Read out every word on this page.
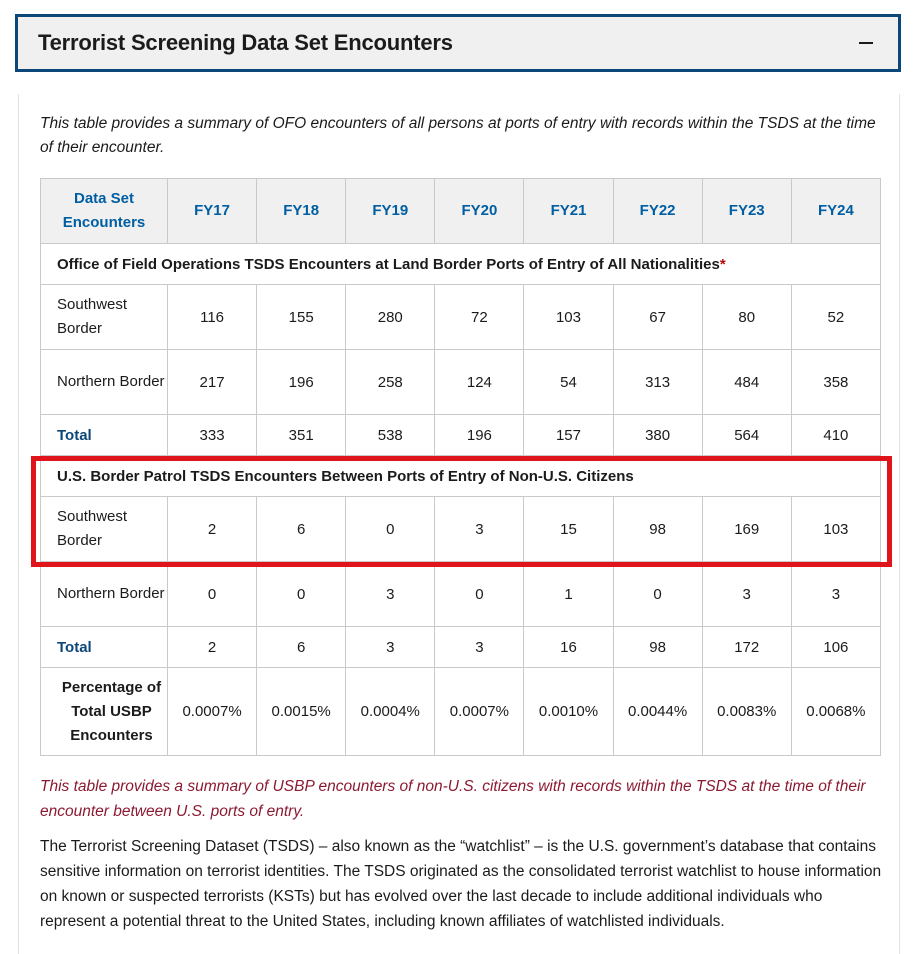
Terrorist Screening Data Set Encounters

This table provides a summary of OFO encounters of all persons at ports of entry with records within the TSDS at the time of their encounter.

Data Set Encounters	FY17	FY18	FY19	FY20	FY21	FY22	FY23	FY24
Office of Field Operations TSDS Encounters at Land Border Ports of Entry of All Nationalities*								
Southwest Border	116	155	280	72	103	67	80	52
Northern Border	217	196	258	124	54	313	484	358
Total	333	351	538	196	157	380	564	410
U.S. Border Patrol TSDS Encounters Between Ports of Entry of Non-U.S. Citizens								
Southwest Border	2	6	0	3	15	98	169	103
Northern Border	0	0	3	0	1	0	3	3
Total	2	6	3	3	16	98	172	106
Percentage of Total USBP Encounters	0.0007%	0.0015%	0.0004%	0.0007%	0.0010%	0.0044%	0.0083%	0.0068%

This table provides a summary of USBP encounters of non-U.S. citizens with records within the TSDS at the time of their encounter between U.S. ports of entry.

The Terrorist Screening Dataset (TSDS) – also known as the “watchlist” – is the U.S. government’s database that contains sensitive information on terrorist identities. The TSDS originated as the consolidated terrorist watchlist to house information on known or suspected terrorists (KSTs) but has evolved over the last decade to include additional individuals who represent a potential threat to the United States, including known affiliates of watchlisted individuals.
